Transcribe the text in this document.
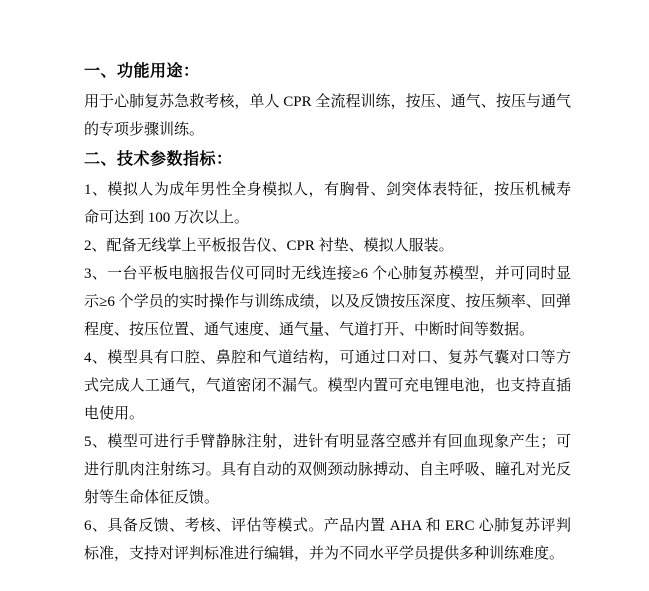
一、功能用途：

用于心肺复苏急救考核，单人 CPR 全流程训练，按压、通气、按压与通气的专项步骤训练。

二、技术参数指标：

1、模拟人为成年男性全身模拟人，有胸骨、剑突体表特征，按压机械寿命可达到 100 万次以上。

2、配备无线掌上平板报告仪、CPR 衬垫、模拟人服装。

3、一台平板电脑报告仪可同时无线连接≥6 个心肺复苏模型，并可同时显示≥6 个学员的实时操作与训练成绩，以及反馈按压深度、按压频率、回弹程度、按压位置、通气速度、通气量、气道打开、中断时间等数据。

4、模型具有口腔、鼻腔和气道结构，可通过口对口、复苏气囊对口等方式完成人工通气，气道密闭不漏气。模型内置可充电锂电池，也支持直插电使用。

5、模型可进行手臂静脉注射，进针有明显落空感并有回血现象产生；可进行肌肉注射练习。具有自动的双侧颈动脉搏动、自主呼吸、瞳孔对光反射等生命体征反馈。

6、具备反馈、考核、评估等模式。产品内置 AHA 和 ERC 心肺复苏评判标准，支持对评判标准进行编辑，并为不同水平学员提供多种训练难度。
